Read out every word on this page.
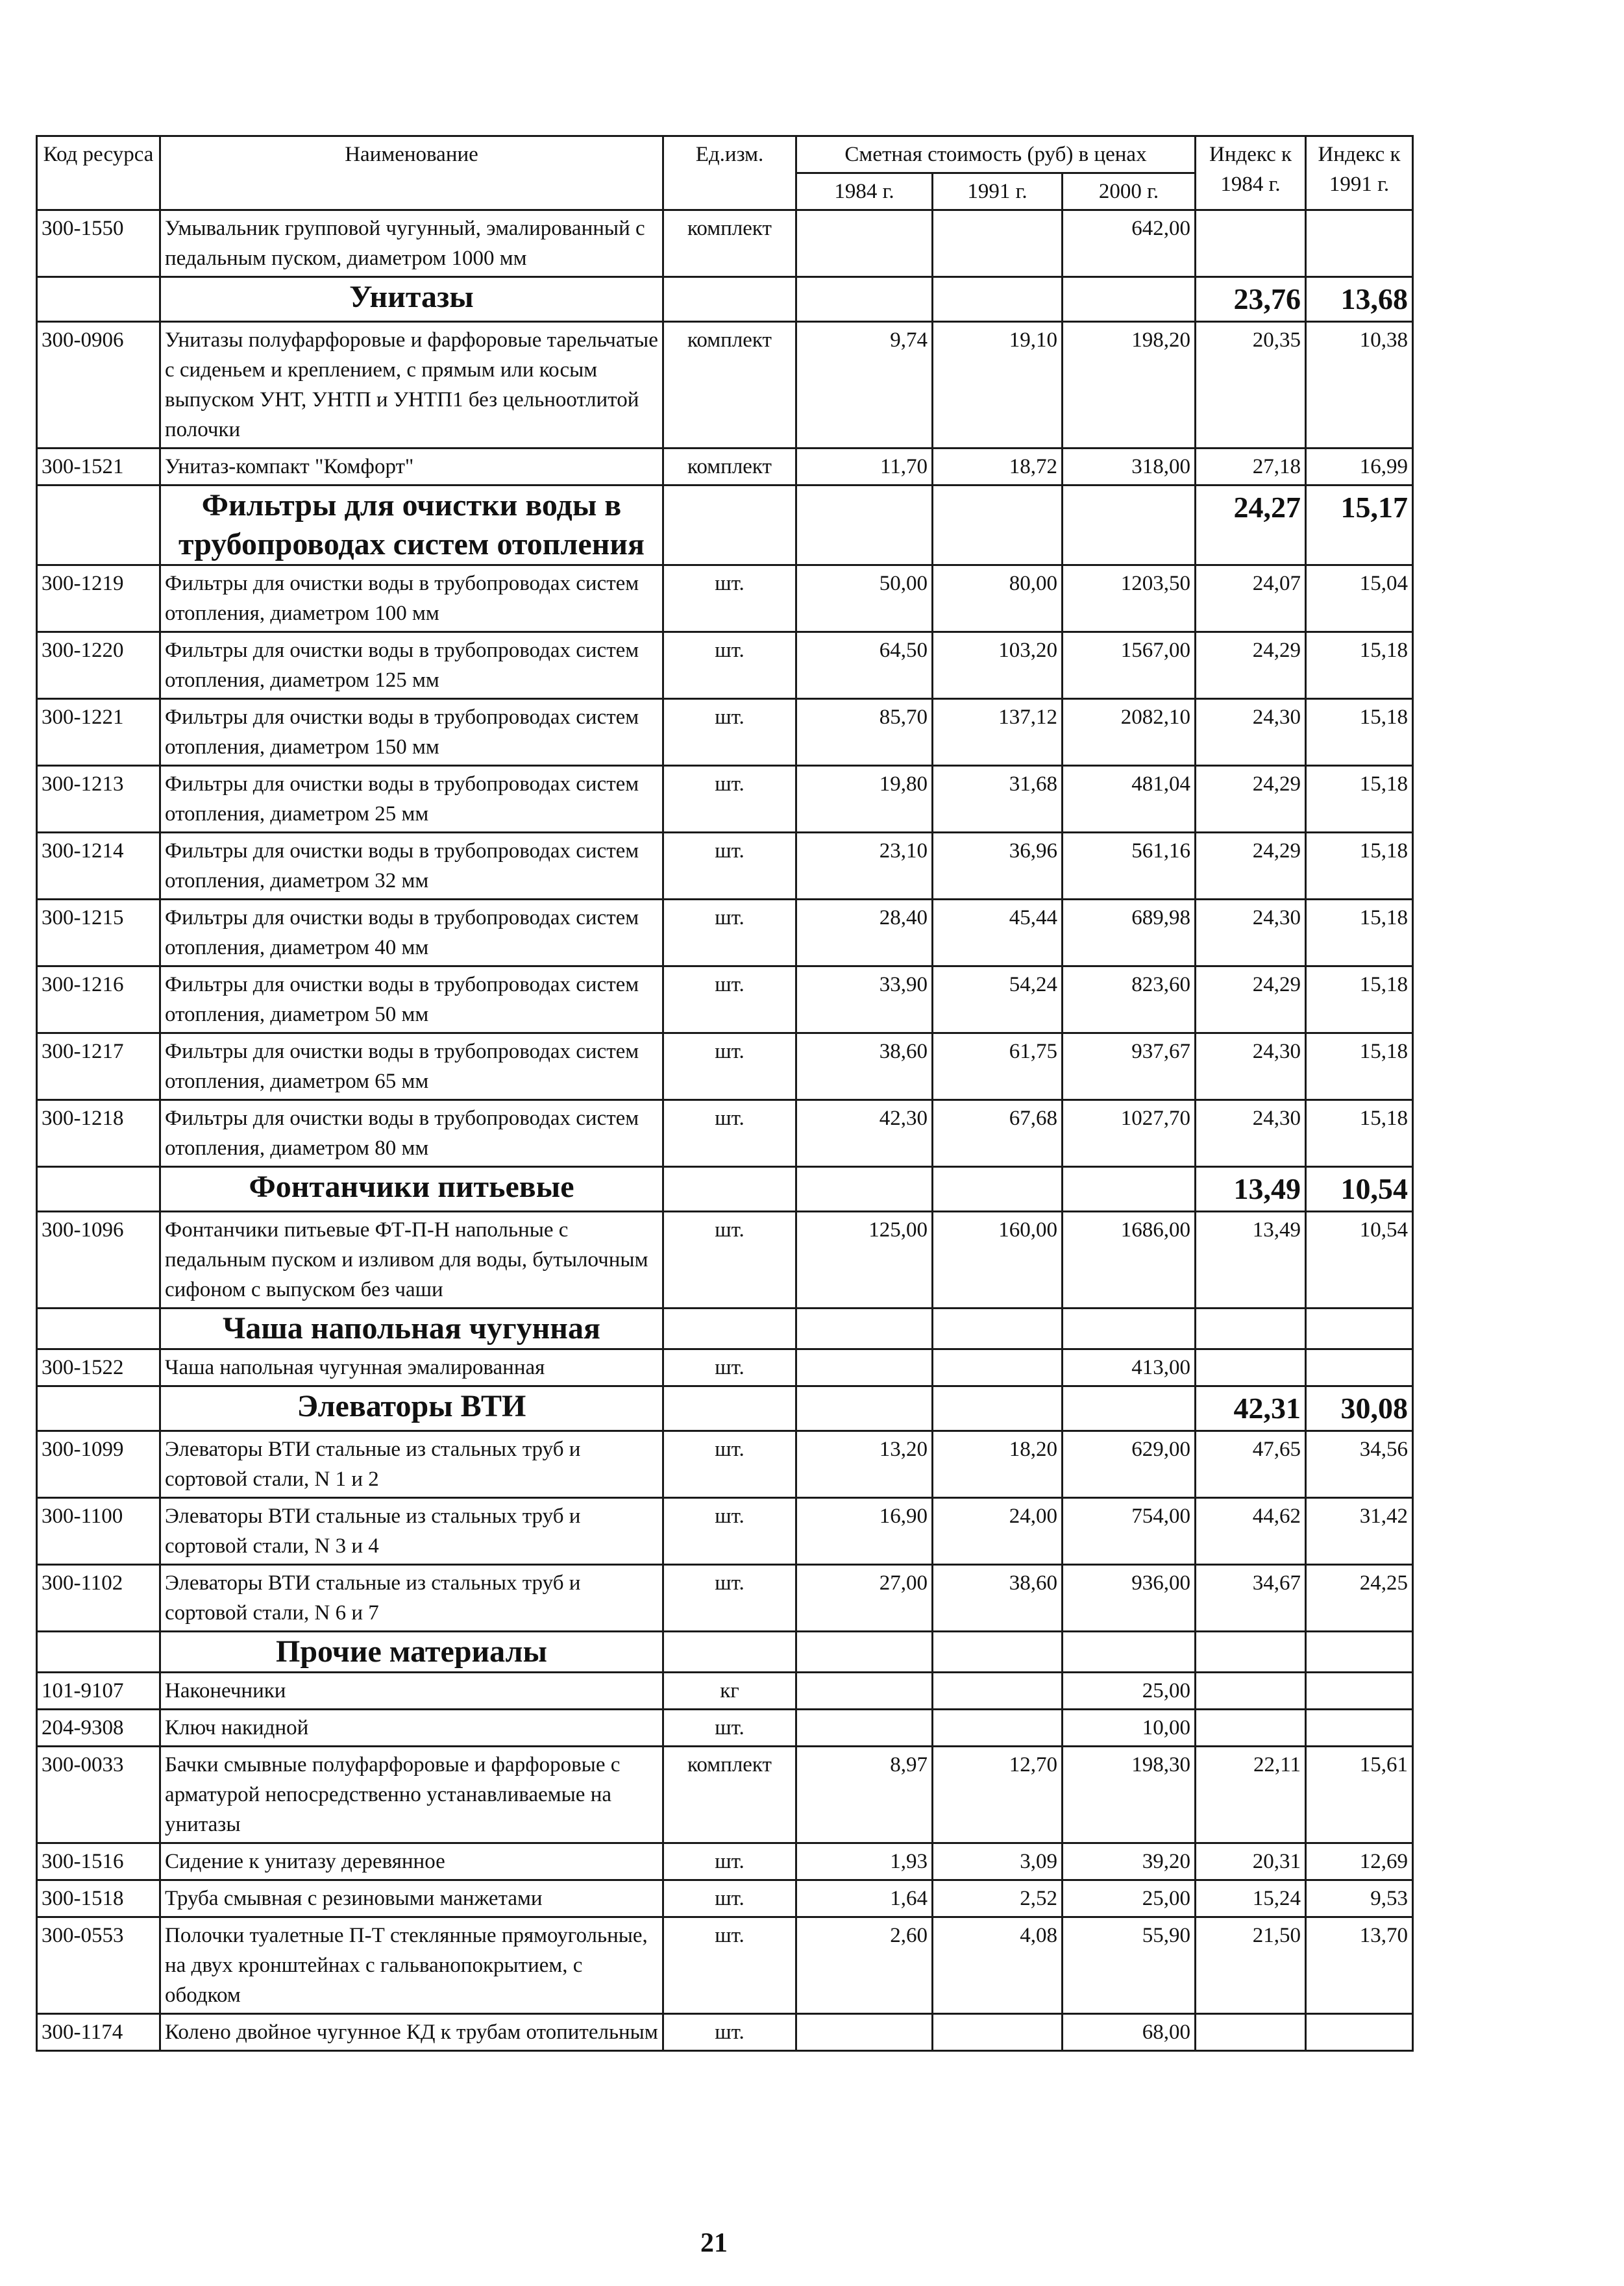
Код ресурса	Наименование	Ед.изм.	Сметная стоимость (руб) в ценах			Индекс к 1984 г.	Индекс к 1991 г.
			1984 г.	1991 г.	2000 г.		
300-1550	Умывальник групповой чугунный, эмалированный с педальным пуском, диаметром 1000 мм	комплект			642,00		
	Унитазы					23,76	13,68
300-0906	Унитазы полуфарфоровые и фарфоровые тарельчатые с сиденьем и креплением, с прямым или косым выпуском УНТ, УНТП и УНТП1 без цельноотлитой полочки	комплект	9,74	19,10	198,20	20,35	10,38
300-1521	Унитаз-компакт "Комфорт"	комплект	11,70	18,72	318,00	27,18	16,99
	Фильтры для очистки воды в трубопроводах систем отопления					24,27	15,17
300-1219	Фильтры для очистки воды в трубопроводах систем отопления, диаметром 100 мм	шт.	50,00	80,00	1203,50	24,07	15,04
300-1220	Фильтры для очистки воды в трубопроводах систем отопления, диаметром 125 мм	шт.	64,50	103,20	1567,00	24,29	15,18
300-1221	Фильтры для очистки воды в трубопроводах систем отопления, диаметром 150 мм	шт.	85,70	137,12	2082,10	24,30	15,18
300-1213	Фильтры для очистки воды в трубопроводах систем отопления, диаметром 25 мм	шт.	19,80	31,68	481,04	24,29	15,18
300-1214	Фильтры для очистки воды в трубопроводах систем отопления, диаметром 32 мм	шт.	23,10	36,96	561,16	24,29	15,18
300-1215	Фильтры для очистки воды в трубопроводах систем отопления, диаметром 40 мм	шт.	28,40	45,44	689,98	24,30	15,18
300-1216	Фильтры для очистки воды в трубопроводах систем отопления, диаметром 50 мм	шт.	33,90	54,24	823,60	24,29	15,18
300-1217	Фильтры для очистки воды в трубопроводах систем отопления, диаметром 65 мм	шт.	38,60	61,75	937,67	24,30	15,18
300-1218	Фильтры для очистки воды в трубопроводах систем отопления, диаметром 80 мм	шт.	42,30	67,68	1027,70	24,30	15,18
	Фонтанчики питьевые					13,49	10,54
300-1096	Фонтанчики питьевые ФТ-П-Н напольные с педальным пуском и изливом для воды, бутылочным сифоном с выпуском без чаши	шт.	125,00	160,00	1686,00	13,49	10,54
	Чаша напольная чугунная						
300-1522	Чаша напольная чугунная эмалированная	шт.			413,00		
	Элеваторы ВТИ					42,31	30,08
300-1099	Элеваторы ВТИ стальные из стальных труб и сортовой стали, N 1 и 2	шт.	13,20	18,20	629,00	47,65	34,56
300-1100	Элеваторы ВТИ стальные из стальных труб и сортовой стали, N 3 и 4	шт.	16,90	24,00	754,00	44,62	31,42
300-1102	Элеваторы ВТИ стальные из стальных труб и сортовой стали, N 6 и 7	шт.	27,00	38,60	936,00	34,67	24,25
	Прочие материалы						
101-9107	Наконечники	кг			25,00		
204-9308	Ключ накидной	шт.			10,00		
300-0033	Бачки смывные полуфарфоровые и фарфоровые с арматурой непосредственно устанавливаемые на унитазы	комплект	8,97	12,70	198,30	22,11	15,61
300-1516	Сидение к унитазу деревянное	шт.	1,93	3,09	39,20	20,31	12,69
300-1518	Труба смывная с резиновыми манжетами	шт.	1,64	2,52	25,00	15,24	9,53
300-0553	Полочки туалетные П-Т стеклянные прямоугольные, на двух кронштейнах с гальванопокрытием, с ободком	шт.	2,60	4,08	55,90	21,50	13,70
300-1174	Колено двойное чугунное КД к трубам отопительным	шт.			68,00		
21
